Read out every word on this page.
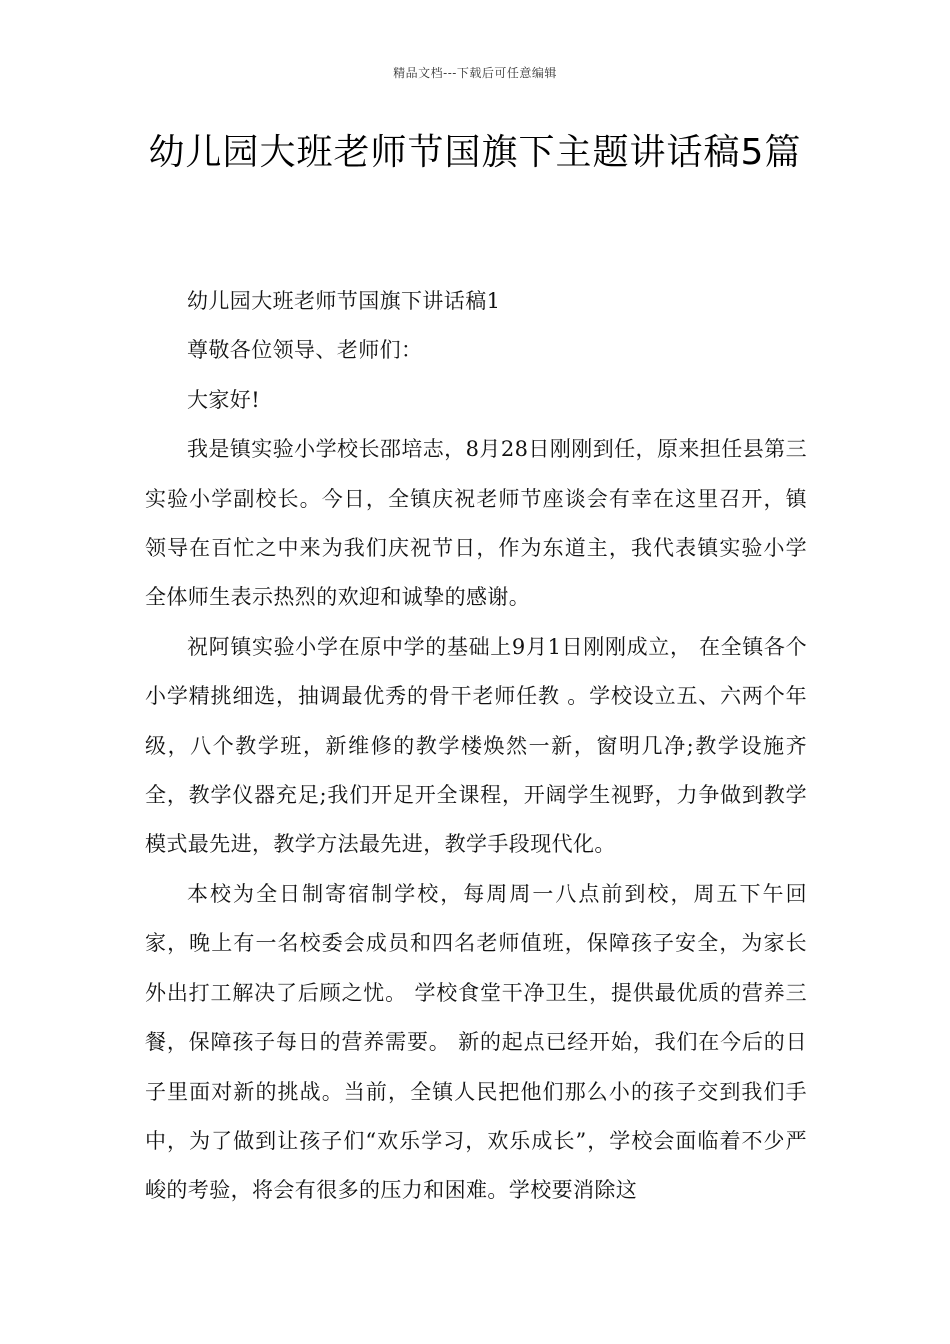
精品文档---下载后可任意编辑
幼儿园大班老师节国旗下主题讲话稿5篇

幼儿园大班老师节国旗下讲话稿1

尊敬各位领导、老师们：

大家好!

我是镇实验小学校长邵培志，8月28日刚刚到任，原来担任县第三实验小学副校长。今日，全镇庆祝老师节座谈会有幸在这里召开，镇领导在百忙之中来为我们庆祝节日，作为东道主，我代表镇实验小学全体师生表示热烈的欢迎和诚挚的感谢。

祝阿镇实验小学在原中学的基础上9月1日刚刚成立， 在全镇各个小学精挑细选，抽调最优秀的骨干老师任教 。学校设立五、六两个年级，八个教学班，新维修的教学楼焕然一新，窗明几净;教学设施齐全，教学仪器充足;我们开足开全课程，开阔学生视野，力争做到教学模式最先进，教学方法最先进，教学手段现代化。

本校为全日制寄宿制学校，每周周一八点前到校，周五下午回家，晚上有一名校委会成员和四名老师值班，保障孩子安全，为家长外出打工解决了后顾之忧。 学校食堂干净卫生，提供最优质的营养三餐，保障孩子每日的营养需要。 新的起点已经开始，我们在今后的日子里面对新的挑战。当前，全镇人民把他们那么小的孩子交到我们手中，为了做到让孩子们“欢乐学习，欢乐成长”，学校会面临着不少严峻的考验，将会有很多的压力和困难。学校要消除这
